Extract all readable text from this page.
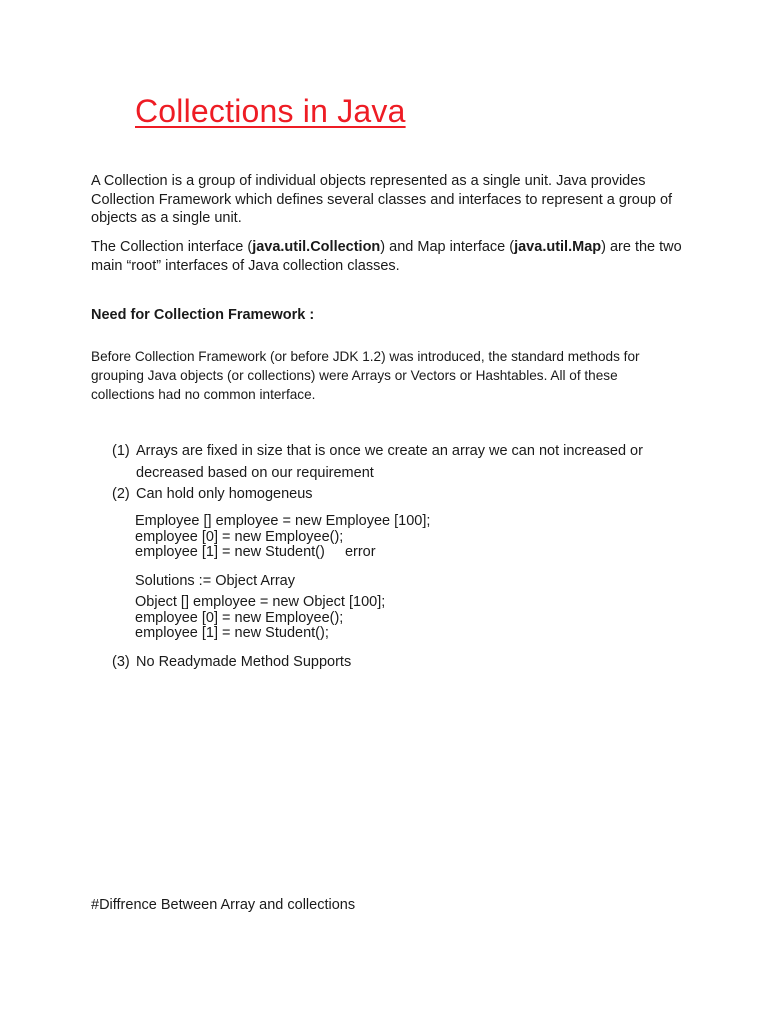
Collections in Java
A Collection is a group of individual objects represented as a single unit. Java provides Collection Framework which defines several classes and interfaces to represent a group of objects as a single unit.
The Collection interface (java.util.Collection) and Map interface (java.util.Map) are the two main “root” interfaces of Java collection classes.
Need for Collection Framework :
Before Collection Framework (or before JDK 1.2) was introduced, the standard methods for grouping Java objects (or collections) were Arrays or Vectors or Hashtables. All of these collections had no common interface.
(1) Arrays are fixed in size that is once we create an array we can not increased or decreased based on our requirement
(2) Can hold only homogeneus
Employee [] employee = new Employee [100];
employee [0] = new Employee();
employee [1] = new Student()     error
Solutions := Object Array
Object [] employee = new Object [100];
employee [0] = new Employee();
employee [1] = new Student();
(3) No Readymade Method Supports
#Diffrence Between Array and collections
